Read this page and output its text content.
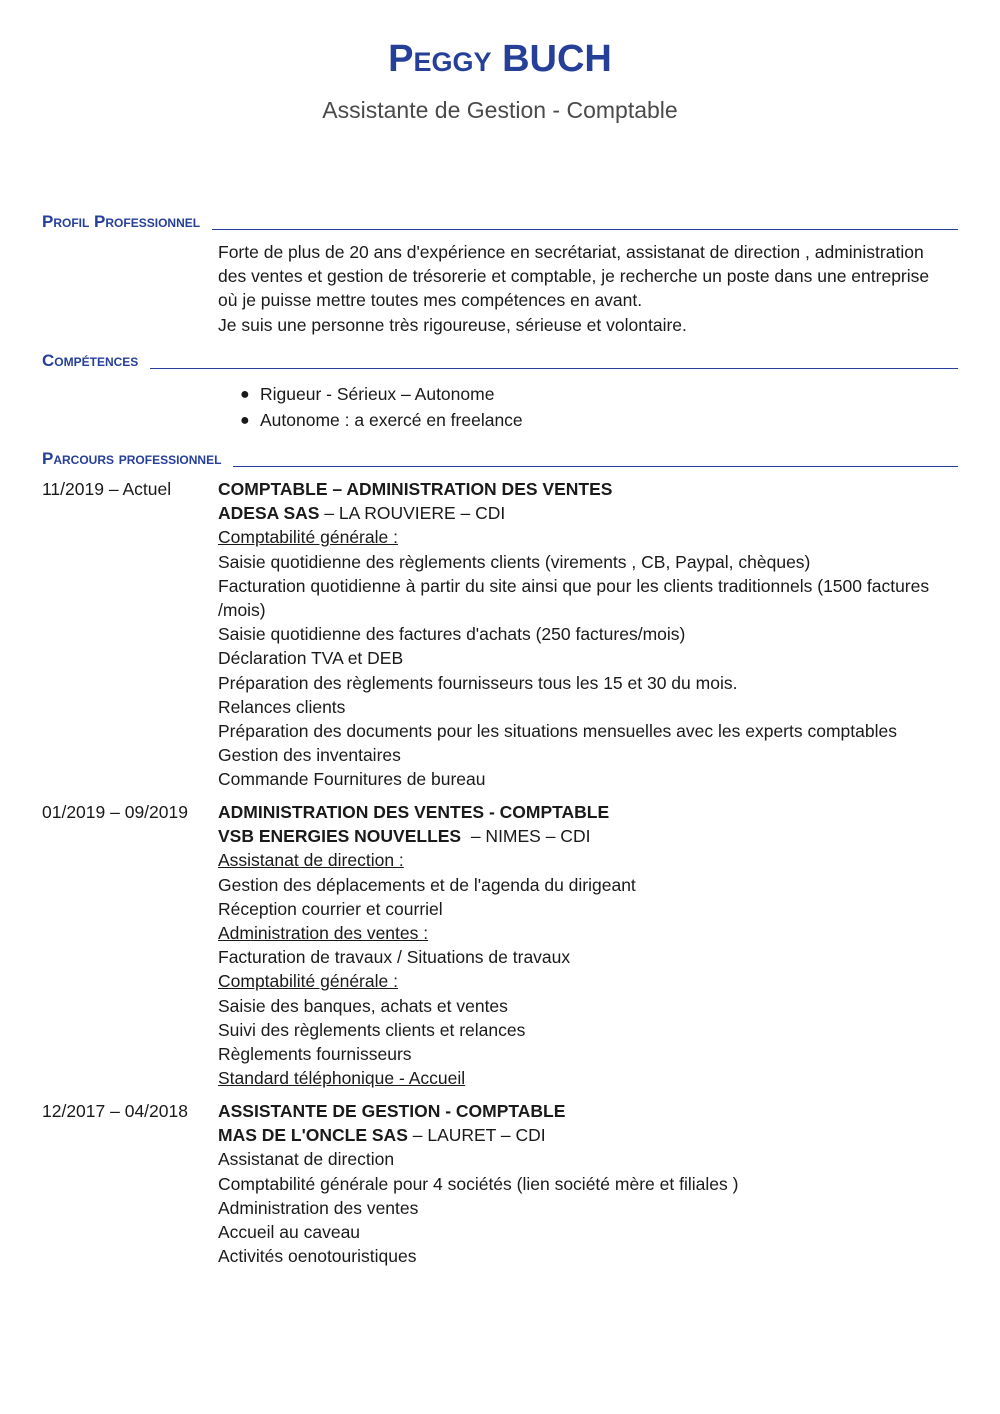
Peggy BUCH
Assistante de Gestion - Comptable
Profil Professionnel

Forte de plus de 20 ans d'expérience en secrétariat, assistanat de direction , administration

des ventes et gestion de trésorerie et comptable, je recherche un poste dans une entreprise

où je puisse mettre toutes mes compétences en avant.

Je suis une personne très rigoureuse, sérieuse et volontaire.

Compétences
● Rigueur - Sérieux – Autonome
● Autonome : a exercé en freelance
Parcours professionnel
11/2019 – Actuel	COMPTABLE – ADMINISTRATION DES VENTES
ADESA SAS – LA ROUVIERE – CDI
Comptabilité générale :
Saisie quotidienne des règlements clients (virements , CB, Paypal, chèques)
Facturation quotidienne à partir du site ainsi que pour les clients traditionnels (1500 factures
/mois)
Saisie quotidienne des factures d'achats (250 factures/mois)
Déclaration TVA et DEB
Préparation des règlements fournisseurs tous les 15 et 30 du mois.
Relances clients
Préparation des documents pour les situations mensuelles avec les experts comptables
Gestion des inventaires
Commande Fournitures de bureau
01/2019 – 09/2019	ADMINISTRATION DES VENTES - COMPTABLE
VSB ENERGIES NOUVELLES  – NIMES – CDI
Assistanat de direction :
Gestion des déplacements et de l'agenda du dirigeant
Réception courrier et courriel
Administration des ventes :
Facturation de travaux / Situations de travaux
Comptabilité générale :
Saisie des banques, achats et ventes
Suivi des règlements clients et relances
Règlements fournisseurs
Standard téléphonique - Accueil
12/2017 – 04/2018	ASSISTANTE DE GESTION - COMPTABLE
MAS DE L'ONCLE SAS – LAURET – CDI
Assistanat de direction
Comptabilité générale pour 4 sociétés (lien société mère et filiales )
Administration des ventes
Accueil au caveau
Activités oenotouristiques
